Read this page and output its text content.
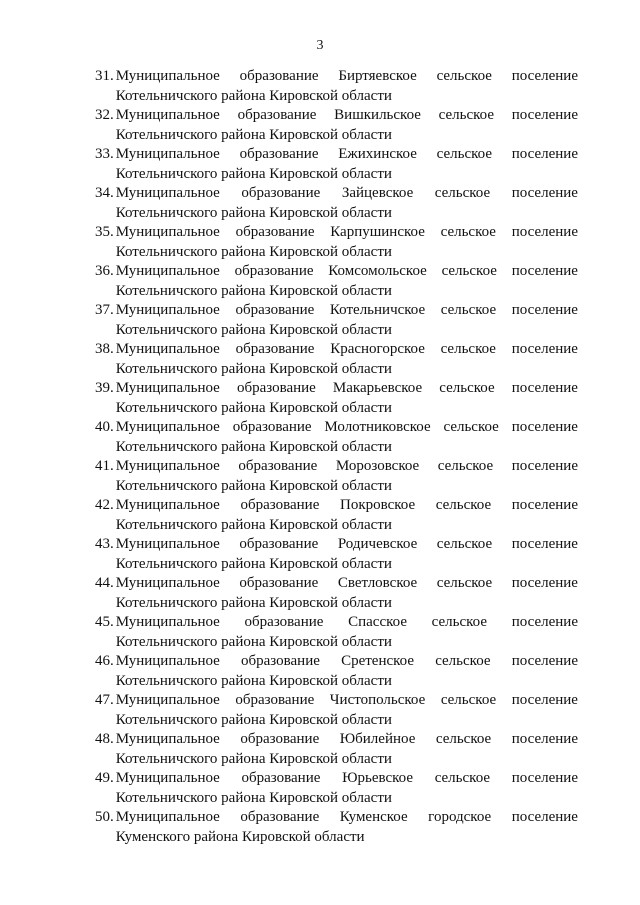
3
31 . Муниципальное образование Биртяевское сельское поселение
Котельничского района Кировской области
32 . Муниципальное образование Вишкильское сельское поселение
Котельничского района Кировской области
33 . Муниципальное образование Ежихинское сельское поселение
Котельничского района Кировской области
34 . Муниципальное образование Зайцевское сельское поселение
Котельничского района Кировской области
35 . Муниципальное образование Карпушинское сельское поселение
Котельничского района Кировской области
36 . Муниципальное образование Комсомольское сельское поселение
Котельничского района Кировской области
37 . Муниципальное образование Котельничское сельское поселение
Котельничского района Кировской области
38 . Муниципальное образование Красногорское сельское поселение
Котельничского района Кировской области
39 . Муниципальное образование Макарьевское сельское поселение
Котельничского района Кировской области
40 . Муниципальное образование Молотниковское сельское поселение
Котельничского района Кировской области
41 . Муниципальное образование Морозовское сельское поселение
Котельничского района Кировской области
42 . Муниципальное образование Покровское сельское поселение
Котельничского района Кировской области
43 . Муниципальное образование Родичевское сельское поселение
Котельничского района Кировской области
44 . Муниципальное образование Светловское сельское поселение
Котельничского района Кировской области
45 . Муниципальное образование Спасское сельское поселение
Котельничского района Кировской области
46 . Муниципальное образование Сретенское сельское поселение
Котельничского района Кировской области
47 . Муниципальное образование Чистопольское сельское поселение
Котельничского района Кировской области
48 . Муниципальное образование Юбилейное сельское поселение
Котельничского района Кировской области
49 . Муниципальное образование Юрьевское сельское поселение
Котельничского района Кировской области
50 . Муниципальное образование Куменское городское поселение
Куменского района Кировской области
